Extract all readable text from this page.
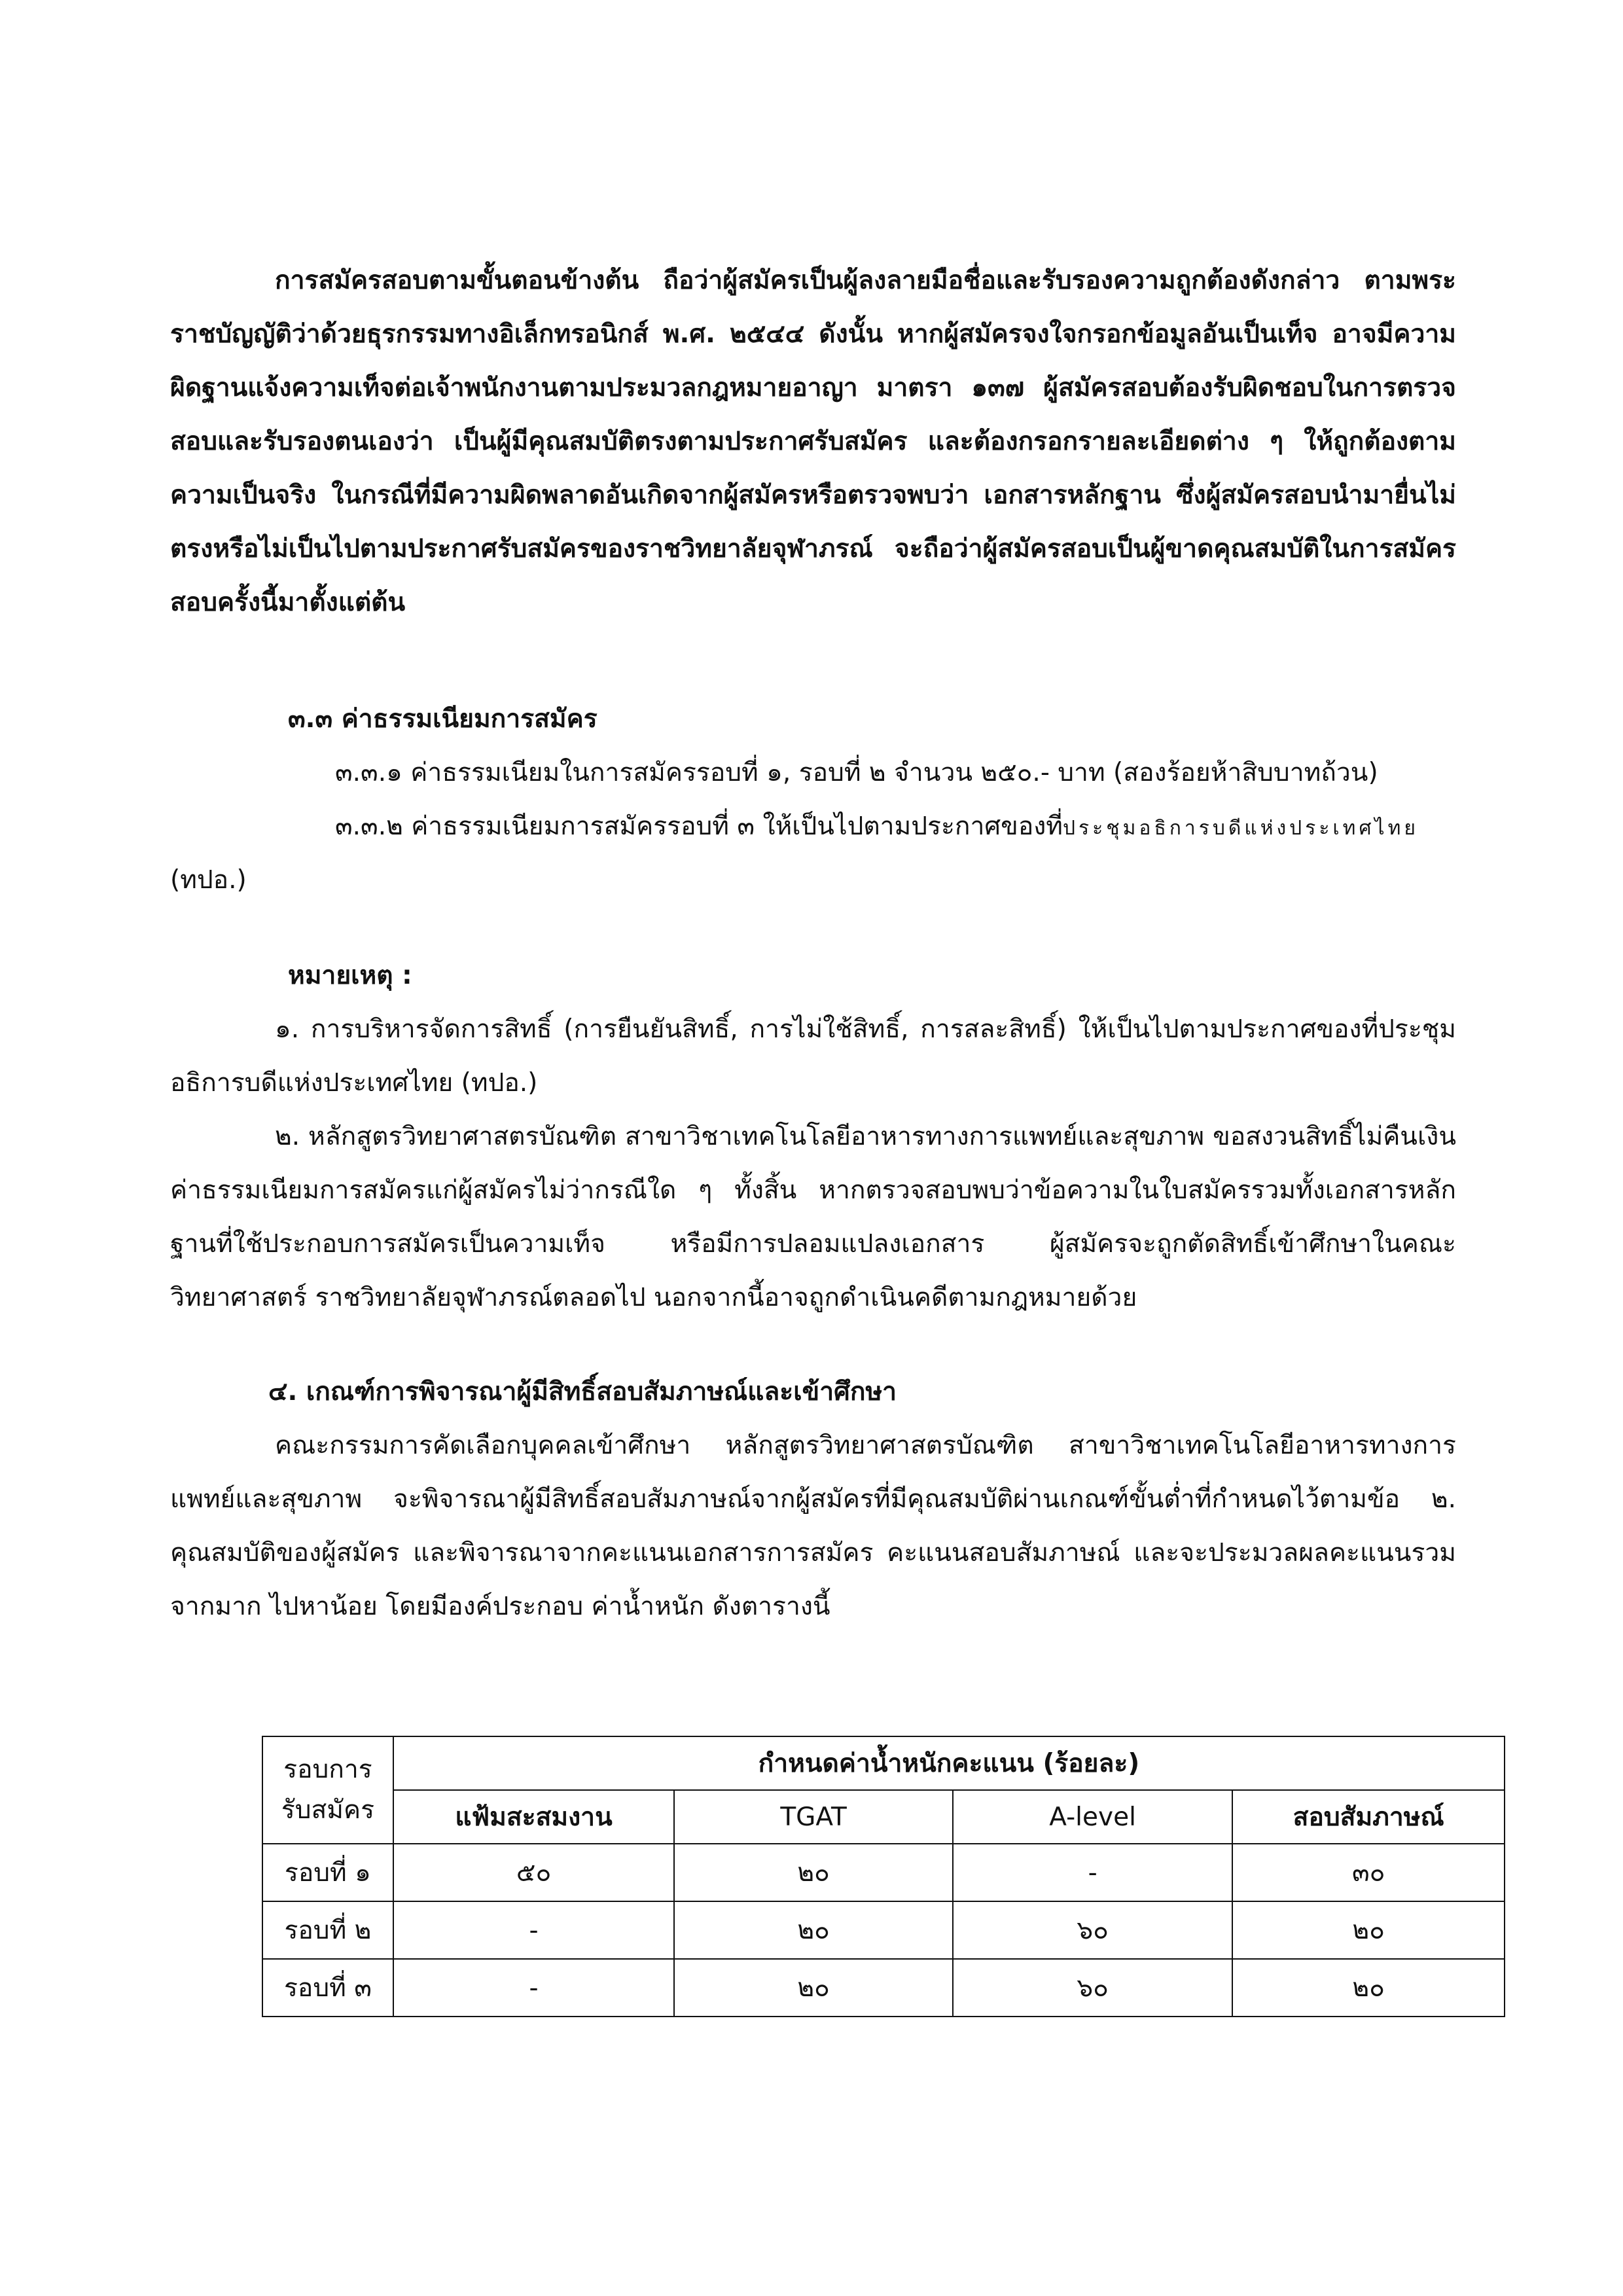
การสมัครสอบตามขั้นตอนข้างต้น ถือว่าผู้สมัครเป็นผู้ลงลายมือชื่อและรับรองความถูกต้องดังกล่าว ตามพระราชบัญญัติว่าด้วยธุรกรรมทางอิเล็กทรอนิกส์ พ.ศ. ๒๕๔๔ ดังนั้น หากผู้สมัครจงใจกรอกข้อมูลอันเป็นเท็จ อาจมีความผิดฐานแจ้งความเท็จต่อเจ้าพนักงานตามประมวลกฎหมายอาญา มาตรา ๑๓๗ ผู้สมัครสอบต้องรับผิดชอบในการตรวจสอบและรับรองตนเองว่า เป็นผู้มีคุณสมบัติตรงตามประกาศรับสมัคร และต้องกรอกรายละเอียดต่าง ๆ ให้ถูกต้องตามความเป็นจริง ในกรณีที่มีความผิดพลาดอันเกิดจากผู้สมัครหรือตรวจพบว่า เอกสารหลักฐาน ซึ่งผู้สมัครสอบนำมายื่นไม่ตรงหรือไม่เป็นไปตามประกาศรับสมัครของราชวิทยาลัยจุฬาภรณ์ จะถือว่าผู้สมัครสอบเป็นผู้ขาดคุณสมบัติในการสมัครสอบครั้งนี้มาตั้งแต่ต้น

๓.๓ ค่าธรรมเนียมการสมัคร

๓.๓.๑ ค่าธรรมเนียมในการสมัครรอบที่ ๑, รอบที่ ๒ จำนวน ๒๕๐.- บาท (สองร้อยห้าสิบบาทถ้วน)

๓.๓.๒ ค่าธรรมเนียมการสมัครรอบที่ ๓ ให้เป็นไปตามประกาศของที่ประชุมอธิการบดีแห่งประเทศไทย

(ทปอ.)

หมายเหตุ :

๑. การบริหารจัดการสิทธิ์ (การยืนยันสิทธิ์, การไม่ใช้สิทธิ์, การสละสิทธิ์) ให้เป็นไปตามประกาศของที่ประชุมอธิการบดีแห่งประเทศไทย (ทปอ.)

๒. หลักสูตรวิทยาศาสตรบัณฑิต สาขาวิชาเทคโนโลยีอาหารทางการแพทย์และสุขภาพ ขอสงวนสิทธิ์ไม่คืนเงินค่าธรรมเนียมการสมัครแก่ผู้สมัครไม่ว่ากรณีใด ๆ ทั้งสิ้น หากตรวจสอบพบว่าข้อความในใบสมัครรวมทั้งเอกสารหลักฐานที่ใช้ประกอบการสมัครเป็นความเท็จ หรือมีการปลอมแปลงเอกสาร ผู้สมัครจะถูกตัดสิทธิ์เข้าศึกษาในคณะวิทยาศาสตร์ ราชวิทยาลัยจุฬาภรณ์ตลอดไป นอกจากนี้อาจถูกดำเนินคดีตามกฎหมายด้วย

๔. เกณฑ์การพิจารณาผู้มีสิทธิ์สอบสัมภาษณ์และเข้าศึกษา

คณะกรรมการคัดเลือกบุคคลเข้าศึกษา หลักสูตรวิทยาศาสตรบัณฑิต สาขาวิชาเทคโนโลยีอาหารทางการแพทย์และสุขภาพ จะพิจารณาผู้มีสิทธิ์สอบสัมภาษณ์จากผู้สมัครที่มีคุณสมบัติผ่านเกณฑ์ขั้นต่ำที่กำหนดไว้ตามข้อ ๒. คุณสมบัติของผู้สมัคร และพิจารณาจากคะแนนเอกสารการสมัคร คะแนนสอบสัมภาษณ์ และจะประมวลผลคะแนนรวมจากมาก ไปหาน้อย โดยมีองค์ประกอบ ค่าน้ำหนัก ดังตารางนี้

รอบการ
รับสมัคร	กำหนดค่าน้ำหนักคะแนน (ร้อยละ)			
	แฟ้มสะสมงาน	TGAT	A-level	สอบสัมภาษณ์
รอบที่ ๑	๕๐	๒๐	-	๓๐
รอบที่ ๒	-	๒๐	๖๐	๒๐
รอบที่ ๓	-	๒๐	๖๐	๒๐
